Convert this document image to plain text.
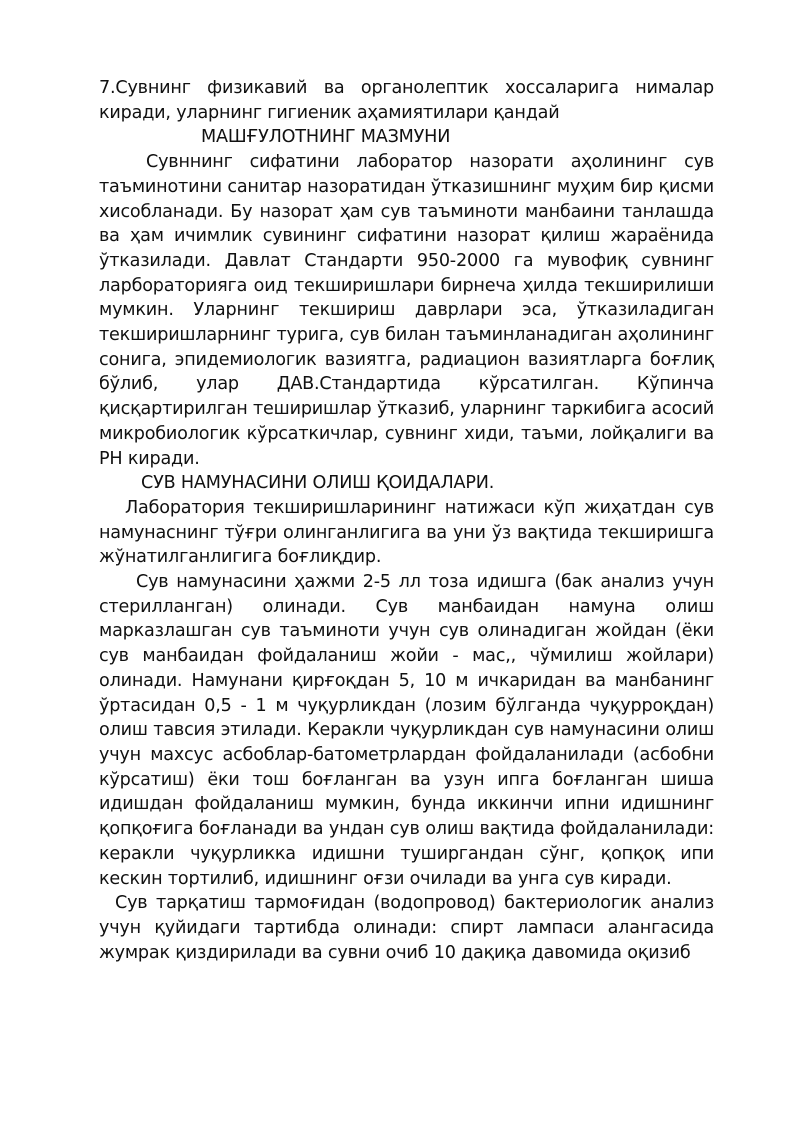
7.Сувнинг физикавий ва органолептик хоссаларига нималар киради, уларнинг гигиеник аҳамиятилари қандай

МАШҒУЛОТНИНГ МАЗМУНИ

Сувннинг сифатини лаборатор назорати аҳолининг сув таъминотини санитар назоратидан ўтказишнинг муҳим бир қисми хисобланади. Бу назорат ҳам сув таъминоти манбаини танлашда ва ҳам ичимлик сувининг сифатини назорат қилиш жараёнида ўтказилади. Давлат Стандарти 950-2000 га мувофиқ сувнинг ларбораторияга оид текширишлари бирнеча ҳилда текширилиши мумкин. Уларнинг текшириш даврлари эса, ўтказиладиган текширишларнинг турига, сув билан таъминланадиган аҳолининг сонига, эпидемиологик вазиятга, радиацион вазиятларга боғлиқ бўлиб, улар ДАВ.Стандартида кўрсатилган. Кўпинча қисқартирилган теширишлар ўтказиб, уларнинг таркибига асосий микробиологик кўрсаткичлар, сувнинг хиди, таъми, лойқалиги ва РН киради.

СУВ НАМУНАСИНИ ОЛИШ ҚОИДАЛАРИ.

Лаборатория текширишларининг натижаси кўп жиҳатдан сув намунаснинг тўғри олинганлигига ва уни ўз вақтида текширишга жўнатилганлигига боғлиқдир.

Сув намунасини ҳажми 2-5 лл тоза идишга (бак анализ учун стерилланган) олинади. Сув манбаидан намуна олиш марказлашган сув таъминоти учун сув олинадиган жойдан (ёки сув манбаидан фойдаланиш жойи - мас,, чўмилиш жойлари) олинади. Намунани қирғоқдан 5, 10 м ичкаридан ва манбанинг ўртасидан 0,5 - 1 м чуқурликдан (лозим бўлганда чуқурроқдан) олиш тавсия этилади. Керакли чуқурликдан сув намунасини олиш учун махсус асбоблар-батометрлардан фойдаланилади (асбобни кўрсатиш) ёки тош боғланган ва узун ипга боғланган шиша идишдан фойдаланиш мумкин, бунда иккинчи ипни идишнинг қопқоғига боғланади ва ундан сув олиш вақтида фойдаланилади: керакли чуқурликка идишни туширгандан сўнг, қопқоқ ипи кескин тортилиб, идишнинг оғзи очилади ва унга сув киради.

Сув тарқатиш тармоғидан (водопровод) бактериологик анализ учун қуйидаги тартибда олинади: спирт лампаси алангасида жумрак қиздирилади ва сувни очиб 10 дақиқа давомида оқизиб
